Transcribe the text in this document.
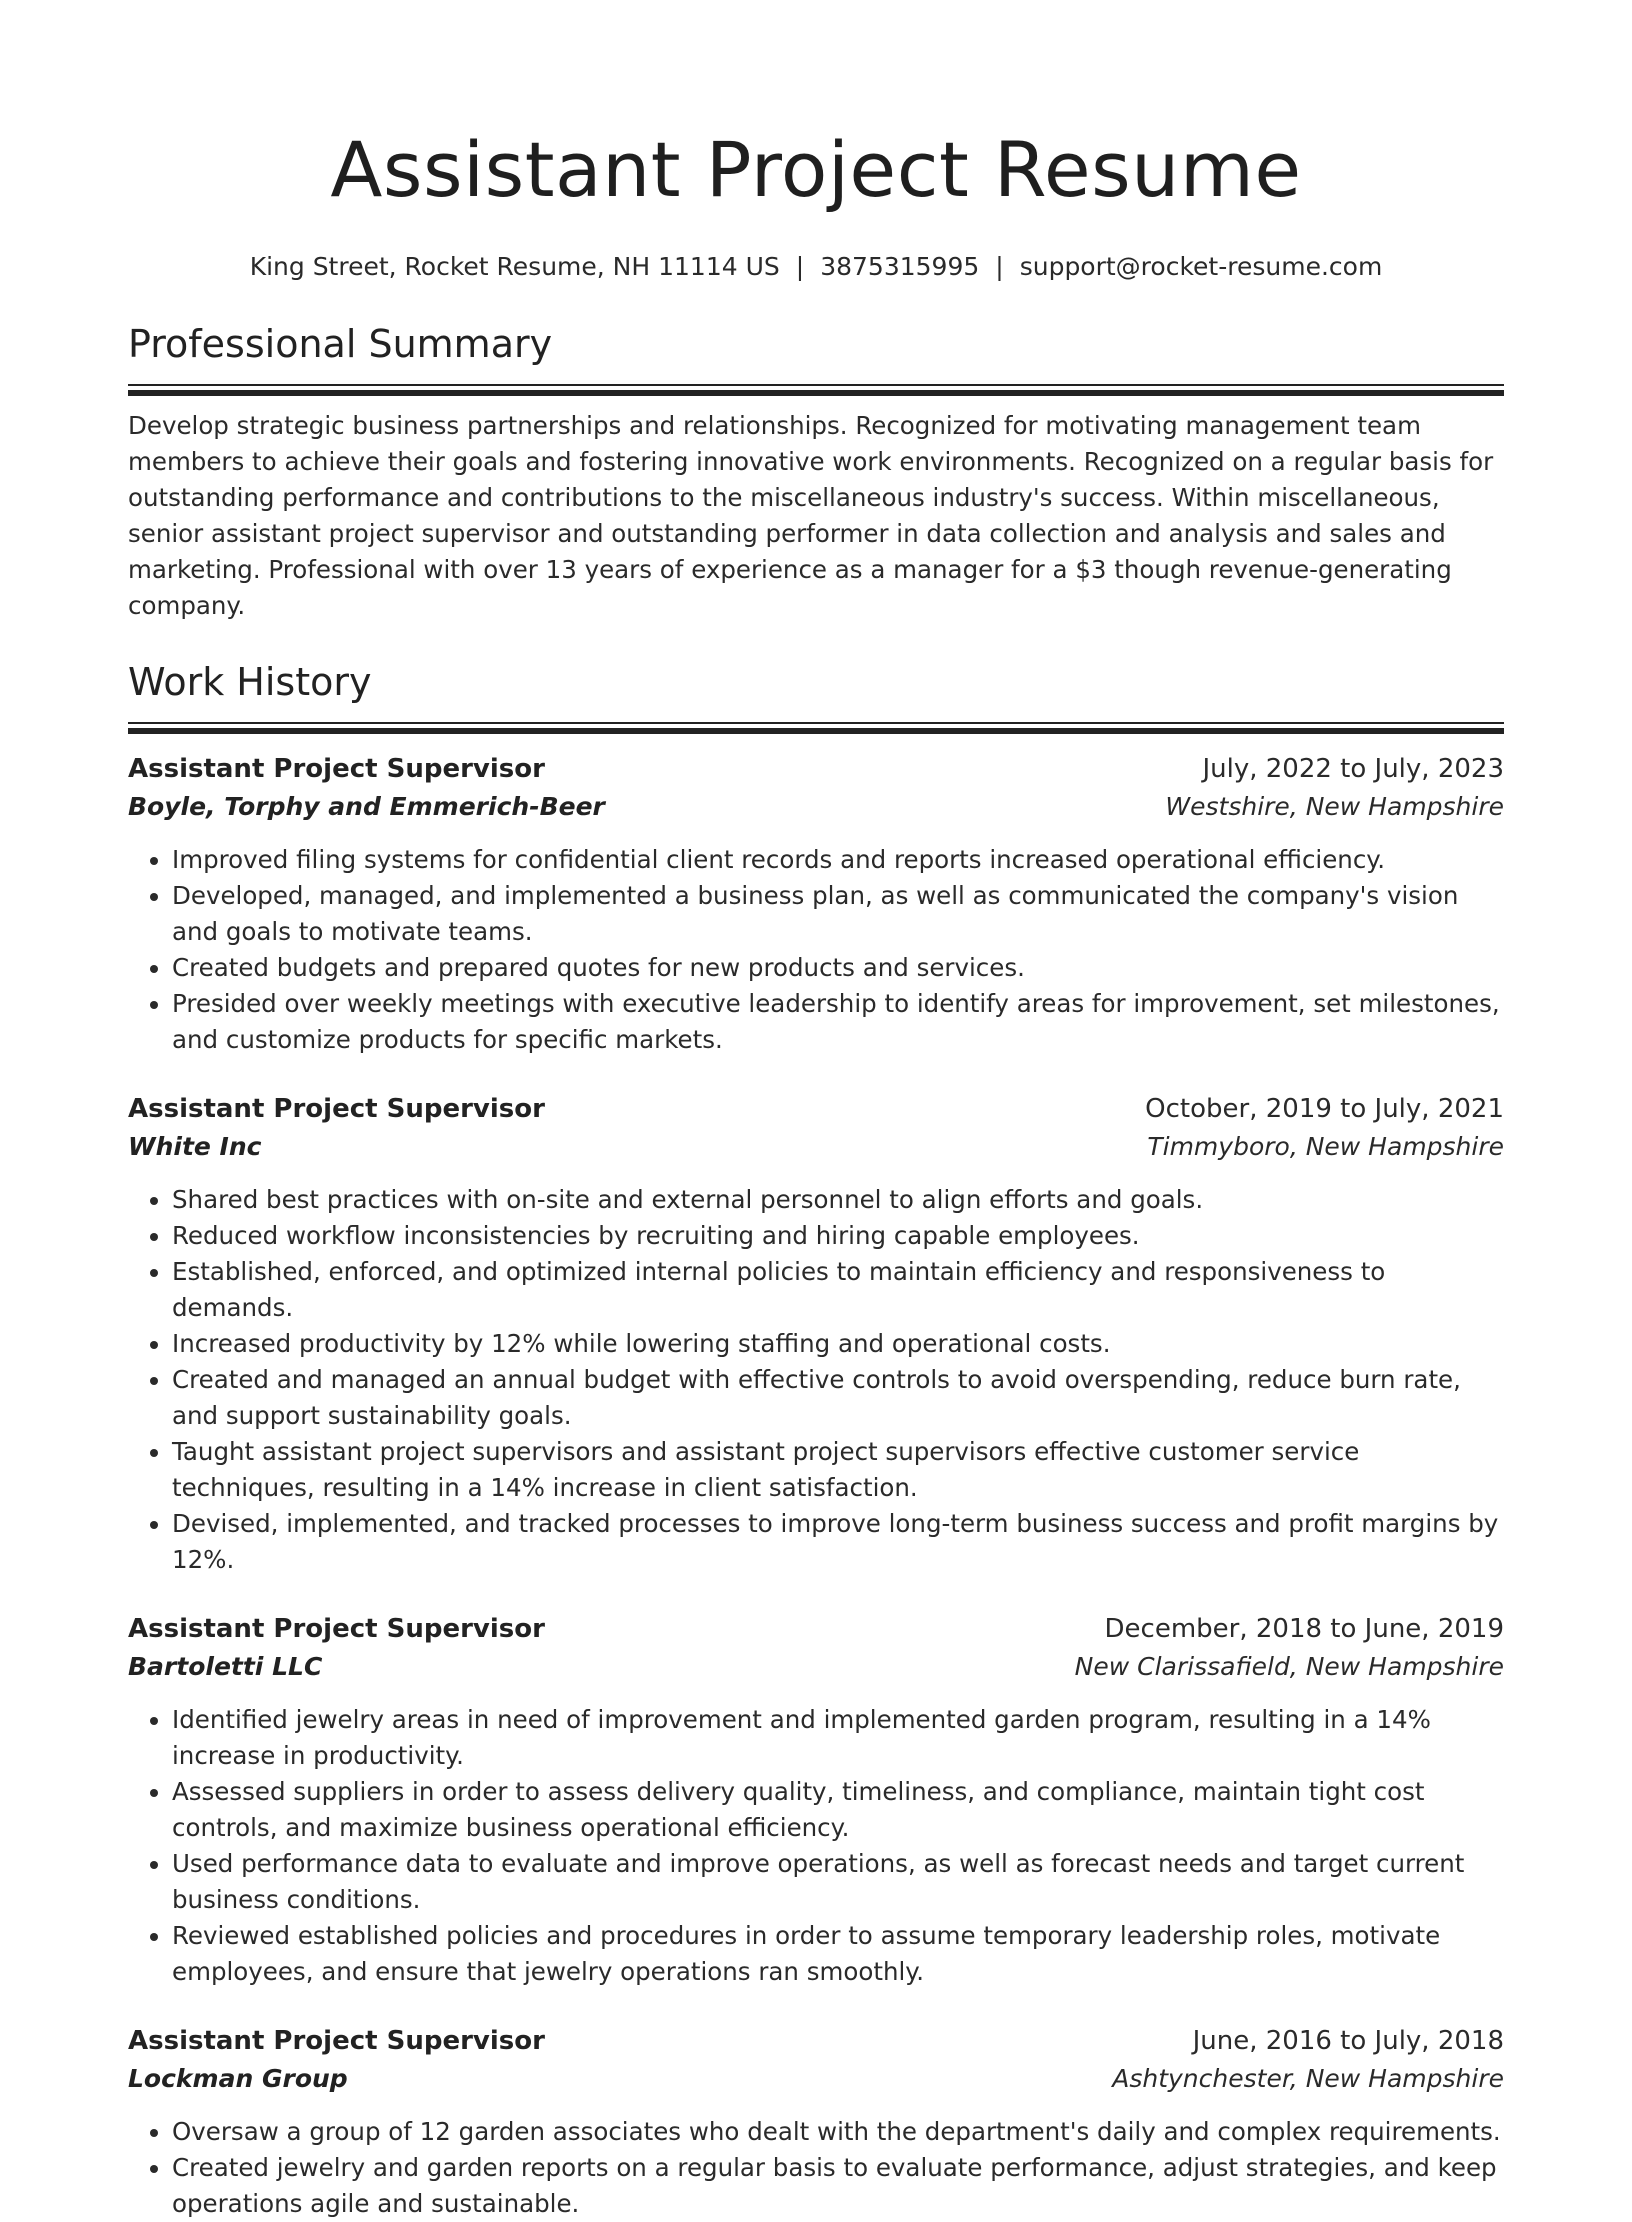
Assistant Project Resume
King Street, Rocket Resume, NH 11114 US | 3875315995 | support@rocket-resume.com
Professional Summary

Develop strategic business partnerships and relationships. Recognized for motivating management team members to achieve their goals and fostering innovative work environments. Recognized on a regular basis for outstanding performance and contributions to the miscellaneous industry's success. Within miscellaneous, senior assistant project supervisor and outstanding performer in data collection and analysis and sales and marketing. Professional with over 13 years of experience as a manager for a $3 though revenue-generating company.

Work History
Assistant Project Supervisor	July, 2022 to July, 2023
Boyle, Torphy and Emmerich-Beer	Westshire, New Hampshire
• Improved filing systems for confidential client records and reports increased operational efficiency.
• Developed, managed, and implemented a business plan, as well as communicated the company's vision and goals to motivate teams.
• Created budgets and prepared quotes for new products and services.
• Presided over weekly meetings with executive leadership to identify areas for improvement, set milestones, and customize products for specific markets.
Assistant Project Supervisor	October, 2019 to July, 2021
White Inc	Timmyboro, New Hampshire
• Shared best practices with on-site and external personnel to align efforts and goals.
• Reduced workflow inconsistencies by recruiting and hiring capable employees.
• Established, enforced, and optimized internal policies to maintain efficiency and responsiveness to demands.
• Increased productivity by 12% while lowering staffing and operational costs.
• Created and managed an annual budget with effective controls to avoid overspending, reduce burn rate, and support sustainability goals.
• Taught assistant project supervisors and assistant project supervisors effective customer service techniques, resulting in a 14% increase in client satisfaction.
• Devised, implemented, and tracked processes to improve long-term business success and profit margins by 12%.
Assistant Project Supervisor	December, 2018 to June, 2019
Bartoletti LLC	New Clarissafield, New Hampshire
• Identified jewelry areas in need of improvement and implemented garden program, resulting in a 14% increase in productivity.
• Assessed suppliers in order to assess delivery quality, timeliness, and compliance, maintain tight cost controls, and maximize business operational efficiency.
• Used performance data to evaluate and improve operations, as well as forecast needs and target current business conditions.
• Reviewed established policies and procedures in order to assume temporary leadership roles, motivate employees, and ensure that jewelry operations ran smoothly.
Assistant Project Supervisor	June, 2016 to July, 2018
Lockman Group	Ashtynchester, New Hampshire
• Oversaw a group of 12 garden associates who dealt with the department's daily and complex requirements.
• Created jewelry and garden reports on a regular basis to evaluate performance, adjust strategies, and keep operations agile and sustainable.
